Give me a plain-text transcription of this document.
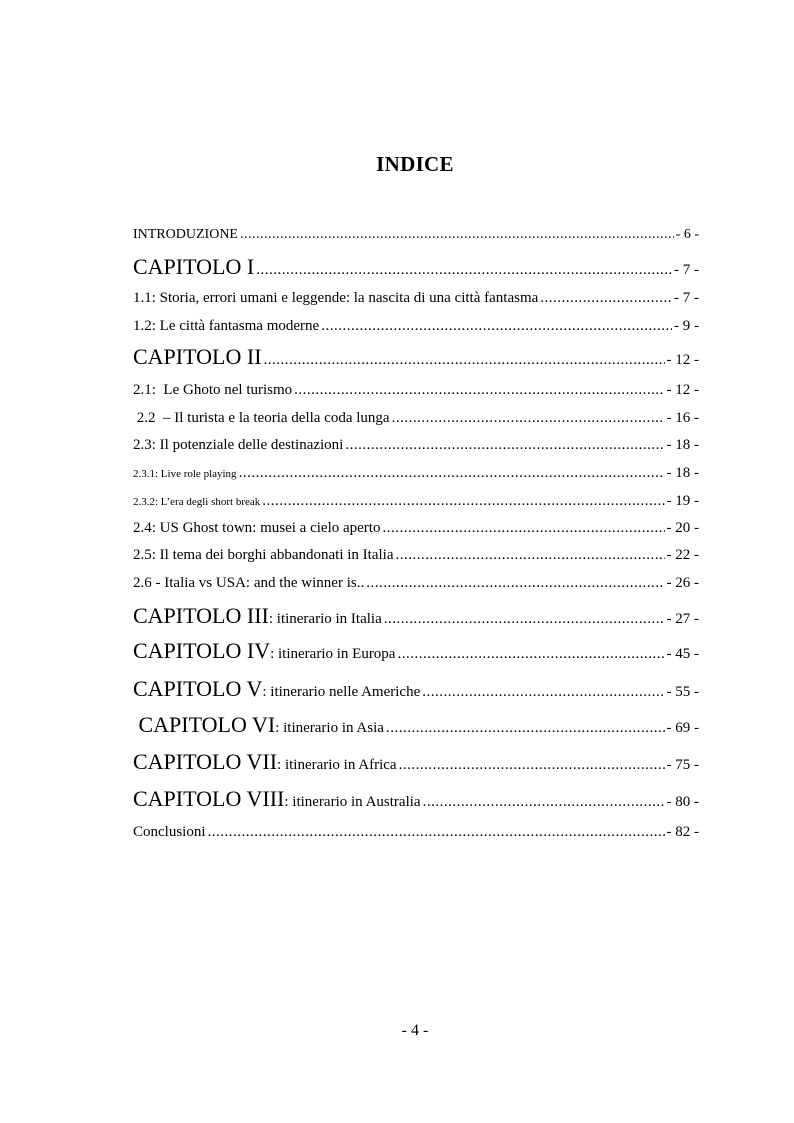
INDICE
INTRODUZIONE .....	- 6 -
CAPITOLO I .....	- 7 -
1.1: Storia, errori umani e leggende: la nascita di una città fantasma .....	- 7 -
1.2: Le città fantasma moderne .....	- 9 -
CAPITOLO II .....	- 12 -
2.1:  Le Ghoto nel turismo .....	- 12 -
2.2  – Il turista e la teoria della coda lunga .....	- 16 -
2.3: Il potenziale delle destinazioni .....	- 18 -
2.3.1: Live role playing .....	- 18 -
2.3.2: L’era degli short break .....	- 19 -
2.4: US Ghost town: musei a cielo aperto .....	- 20 -
2.5: Il tema dei borghi abbandonati in Italia .....	- 22 -
2.6 - Italia vs USA: and the winner is.. .....	- 26 -
CAPITOLO III : itinerario in Italia .....	- 27 -
CAPITOLO IV : itinerario in Europa .....	- 45 -
CAPITOLO V : itinerario nelle Americhe .....	- 55 -
CAPITOLO VI : itinerario in Asia .....	- 69 -
CAPITOLO VII : itinerario in Africa .....	- 75 -
CAPITOLO VIII : itinerario in Australia .....	- 80 -
Conclusioni .....	- 82 -
- 4 -
